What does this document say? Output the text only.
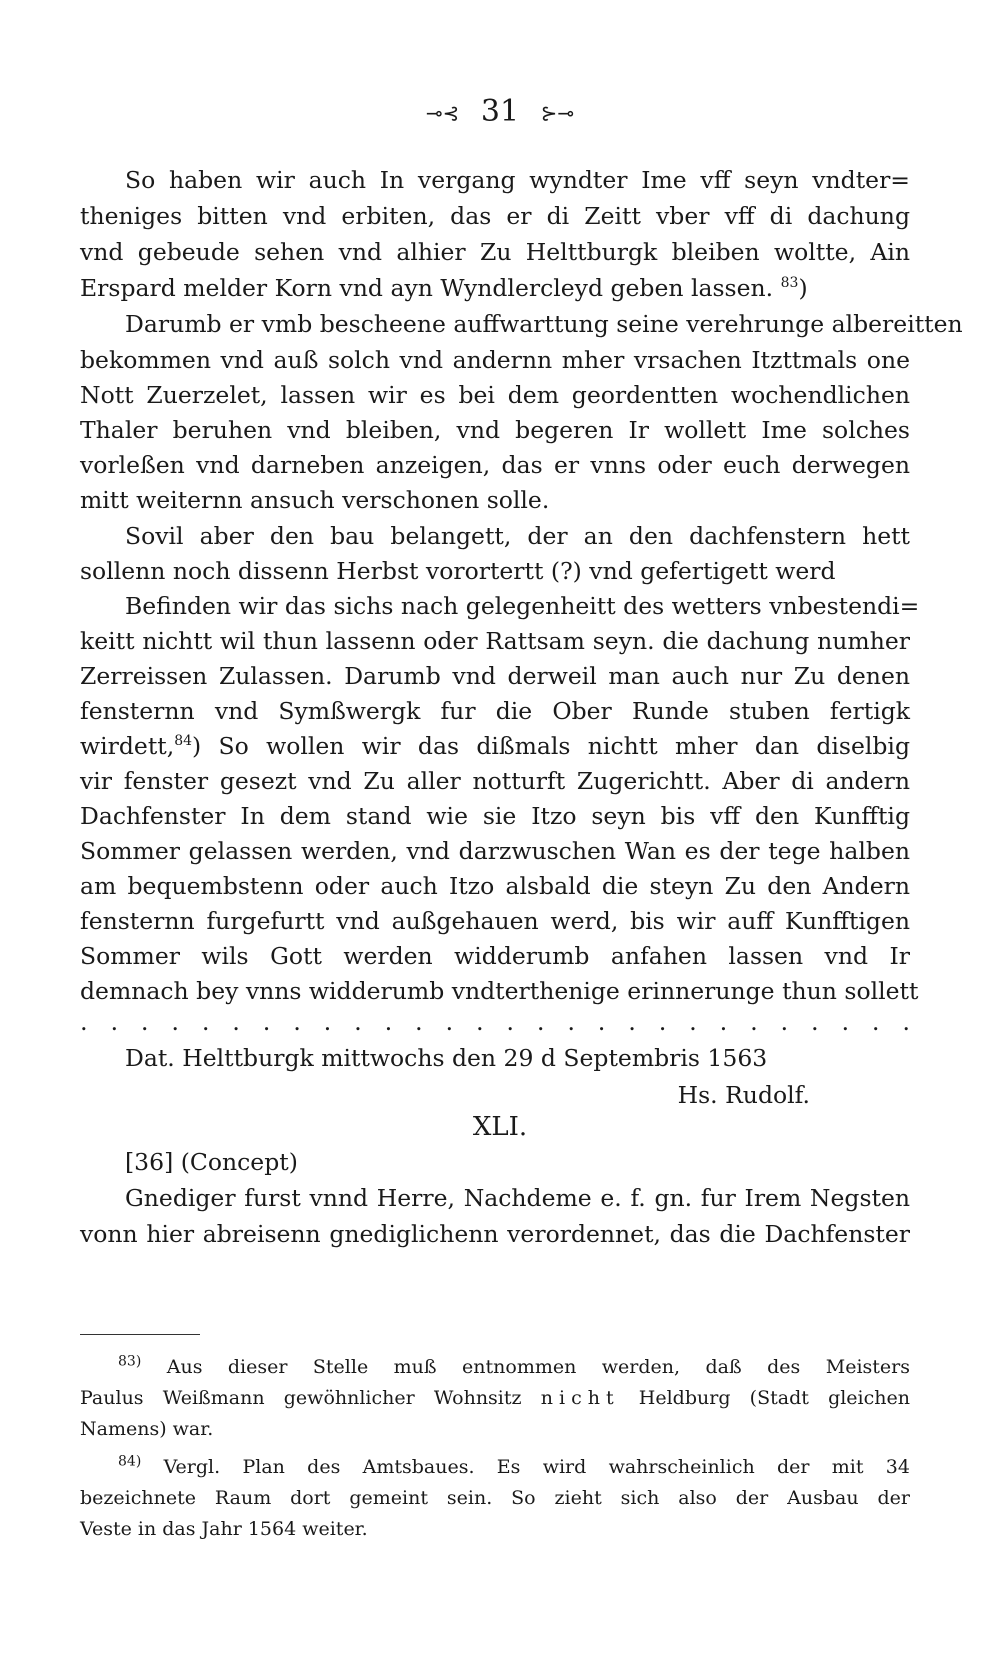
⊸⊰ 31 ⊱⊸
So haben wir auch In vergang wyndter Ime vff seyn vndter=
theniges bitten vnd erbiten, das er di Zeitt vber vff di dachung
vnd gebeude sehen vnd alhier Zu Helttburgk bleiben woltte, Ain
Erspard melder Korn vnd ayn Wyndlercleyd geben lassen. $^{83}$)
Darumb er vmb bescheene auffwarttung seine verehrunge albereitten
bekommen vnd auß solch vnd andernn mher vrsachen Itzttmals one
Nott Zuerzelet, lassen wir es bei dem geordentten wochendlichen
Thaler beruhen vnd bleiben, vnd begeren Ir wollett Ime solches
vorleßen vnd darneben anzeigen, das er vnns oder euch derwegen
mitt weiternn ansuch verschonen solle.
Sovil aber den bau belangett, der an den dachfenstern hett
sollenn noch dissenn Herbst vorortertt (?) vnd gefertigett werd
Befinden wir das sichs nach gelegenheitt des wetters vnbestendi=
keitt nichtt wil thun lassenn oder Rattsam seyn. die dachung numher
Zerreissen Zulassen. Darumb vnd derweil man auch nur Zu denen
fensternn vnd Symßwergk fur die Ober Runde stuben fertigk
wirdett,$^{84}$) So wollen wir das dißmals nichtt mher dan diselbig
vir fenster gesezt vnd Zu aller notturft Zugerichtt. Aber di andern
Dachfenster In dem stand wie sie Itzo seyn bis vff den Kunfftig
Sommer gelassen werden, vnd darzwuschen Wan es der tege halben
am bequembstenn oder auch Itzo alsbald die steyn Zu den Andern
fensternn furgefurtt vnd außgehauen werd, bis wir auff Kunfftigen
Sommer wils Gott werden widderumb anfahen lassen vnd Ir
demnach bey vnns widderumb vndterthenige erinnerunge thun sollett
. . . . . . . . . . . . . . . . . . . . . . . . . . . .
Dat. Helttburgk mittwochs den 29 d Septembris 1563
Hs. Rudolf.
XLI.
[36] (Concept)
Gnediger furst vnnd Herre, Nachdeme e. f. gn. fur Irem Negsten
vonn hier abreisenn gnediglichenn verordennet, das die Dachfenster
$^{83)}$ Aus dieser Stelle muß entnommen werden, daß des Meisters
Paulus Weißmann gewöhnlicher Wohnsitz nicht Heldburg (Stadt gleichen
Namens) war.
$^{84)}$ Vergl. Plan des Amtsbaues. Es wird wahrscheinlich der mit 34
bezeichnete Raum dort gemeint sein. So zieht sich also der Ausbau der
Veste in das Jahr 1564 weiter.
